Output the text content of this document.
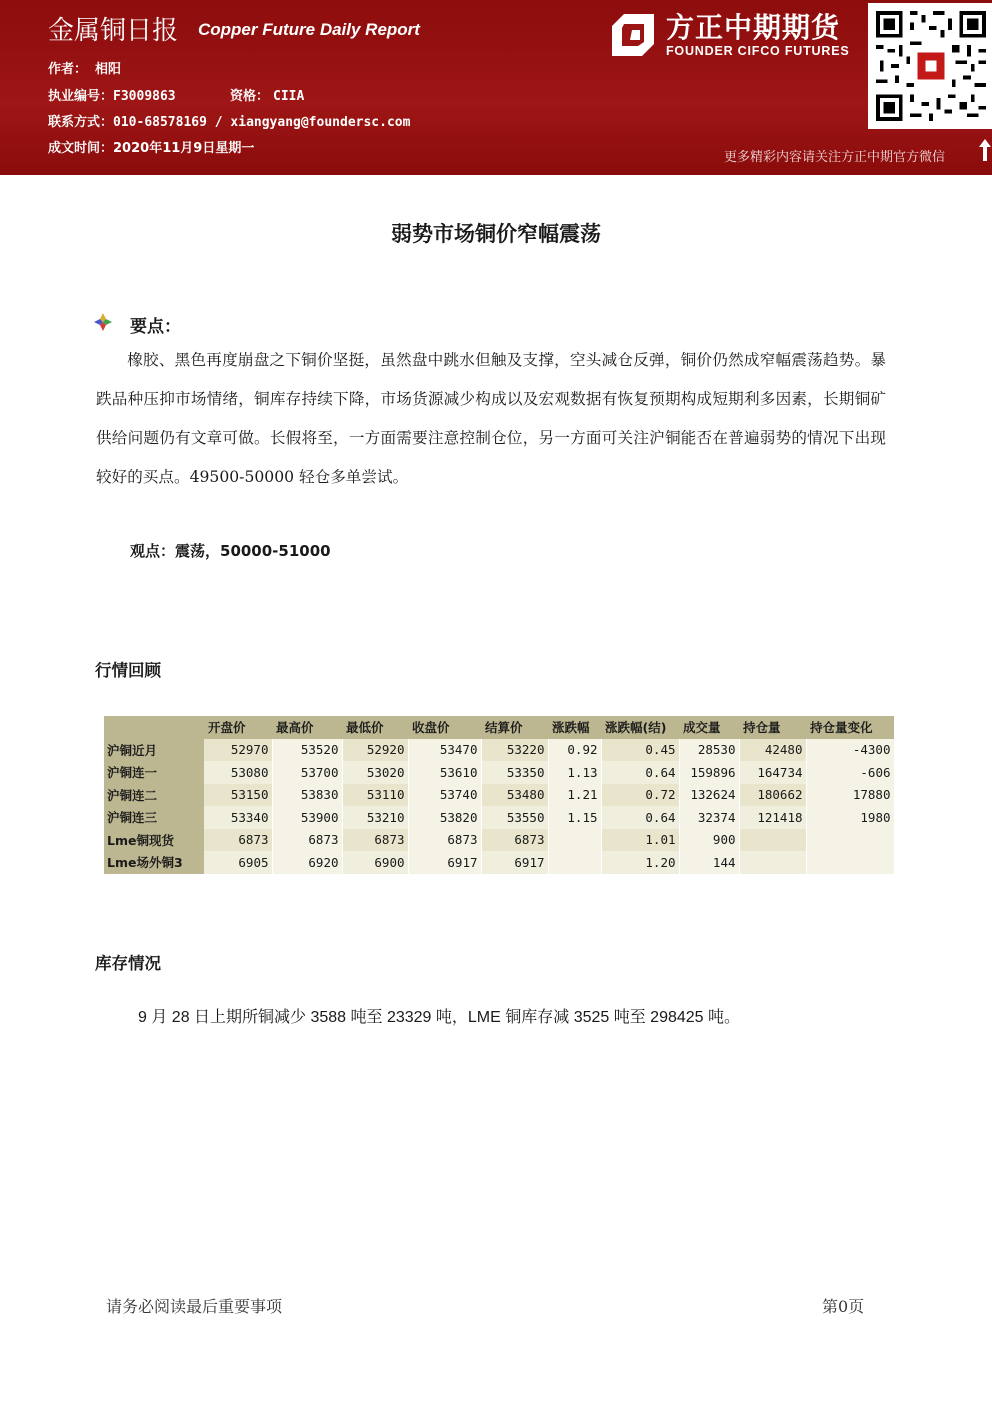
金属铜日报 Copper Future Daily Report
作者： 相阳
执业编号：F3009863	资格： CIIA
联系方式：010-68578169 / xiangyang@foundersc.com
成文时间：2020年11月9日星期一
方正中期期货
FOUNDER CIFCO FUTURES
更多精彩内容请关注方正中期官方微信
弱势市场铜价窄幅震荡
要点：
橡胶、黑色再度崩盘之下铜价坚挺，虽然盘中跳水但触及支撑，空头减仓反弹，铜价仍然成窄幅震荡趋势。暴跌品种压抑市场情绪，铜库存持续下降，市场货源减少构成以及宏观数据有恢复预期构成短期利多因素，长期铜矿供给问题仍有文章可做。长假将至，一方面需要注意控制仓位，另一方面可关注沪铜能否在普遍弱势的情况下出现较好的买点。49500-50000 轻仓多单尝试。
观点：震荡，50000-51000
行情回顾
	开盘价	最高价	最低价	收盘价	结算价	涨跌幅	涨跌幅(结)	成交量	持仓量	持仓量变化
沪铜近月	52970	53520	52920	53470	53220	0.92	0.45	28530	42480	-4300
沪铜连一	53080	53700	53020	53610	53350	1.13	0.64	159896	164734	-606
沪铜连二	53150	53830	53110	53740	53480	1.21	0.72	132624	180662	17880
沪铜连三	53340	53900	53210	53820	53550	1.15	0.64	32374	121418	1980
Lme铜现货	6873	6873	6873	6873	6873		1.01	900		
Lme场外铜3	6905	6920	6900	6917	6917		1.20	144		
库存情况
9 月 28 日上期所铜减少 3588 吨至 23329 吨，LME 铜库存减 3525 吨至 298425 吨。
请务必阅读最后重要事项	第0页
